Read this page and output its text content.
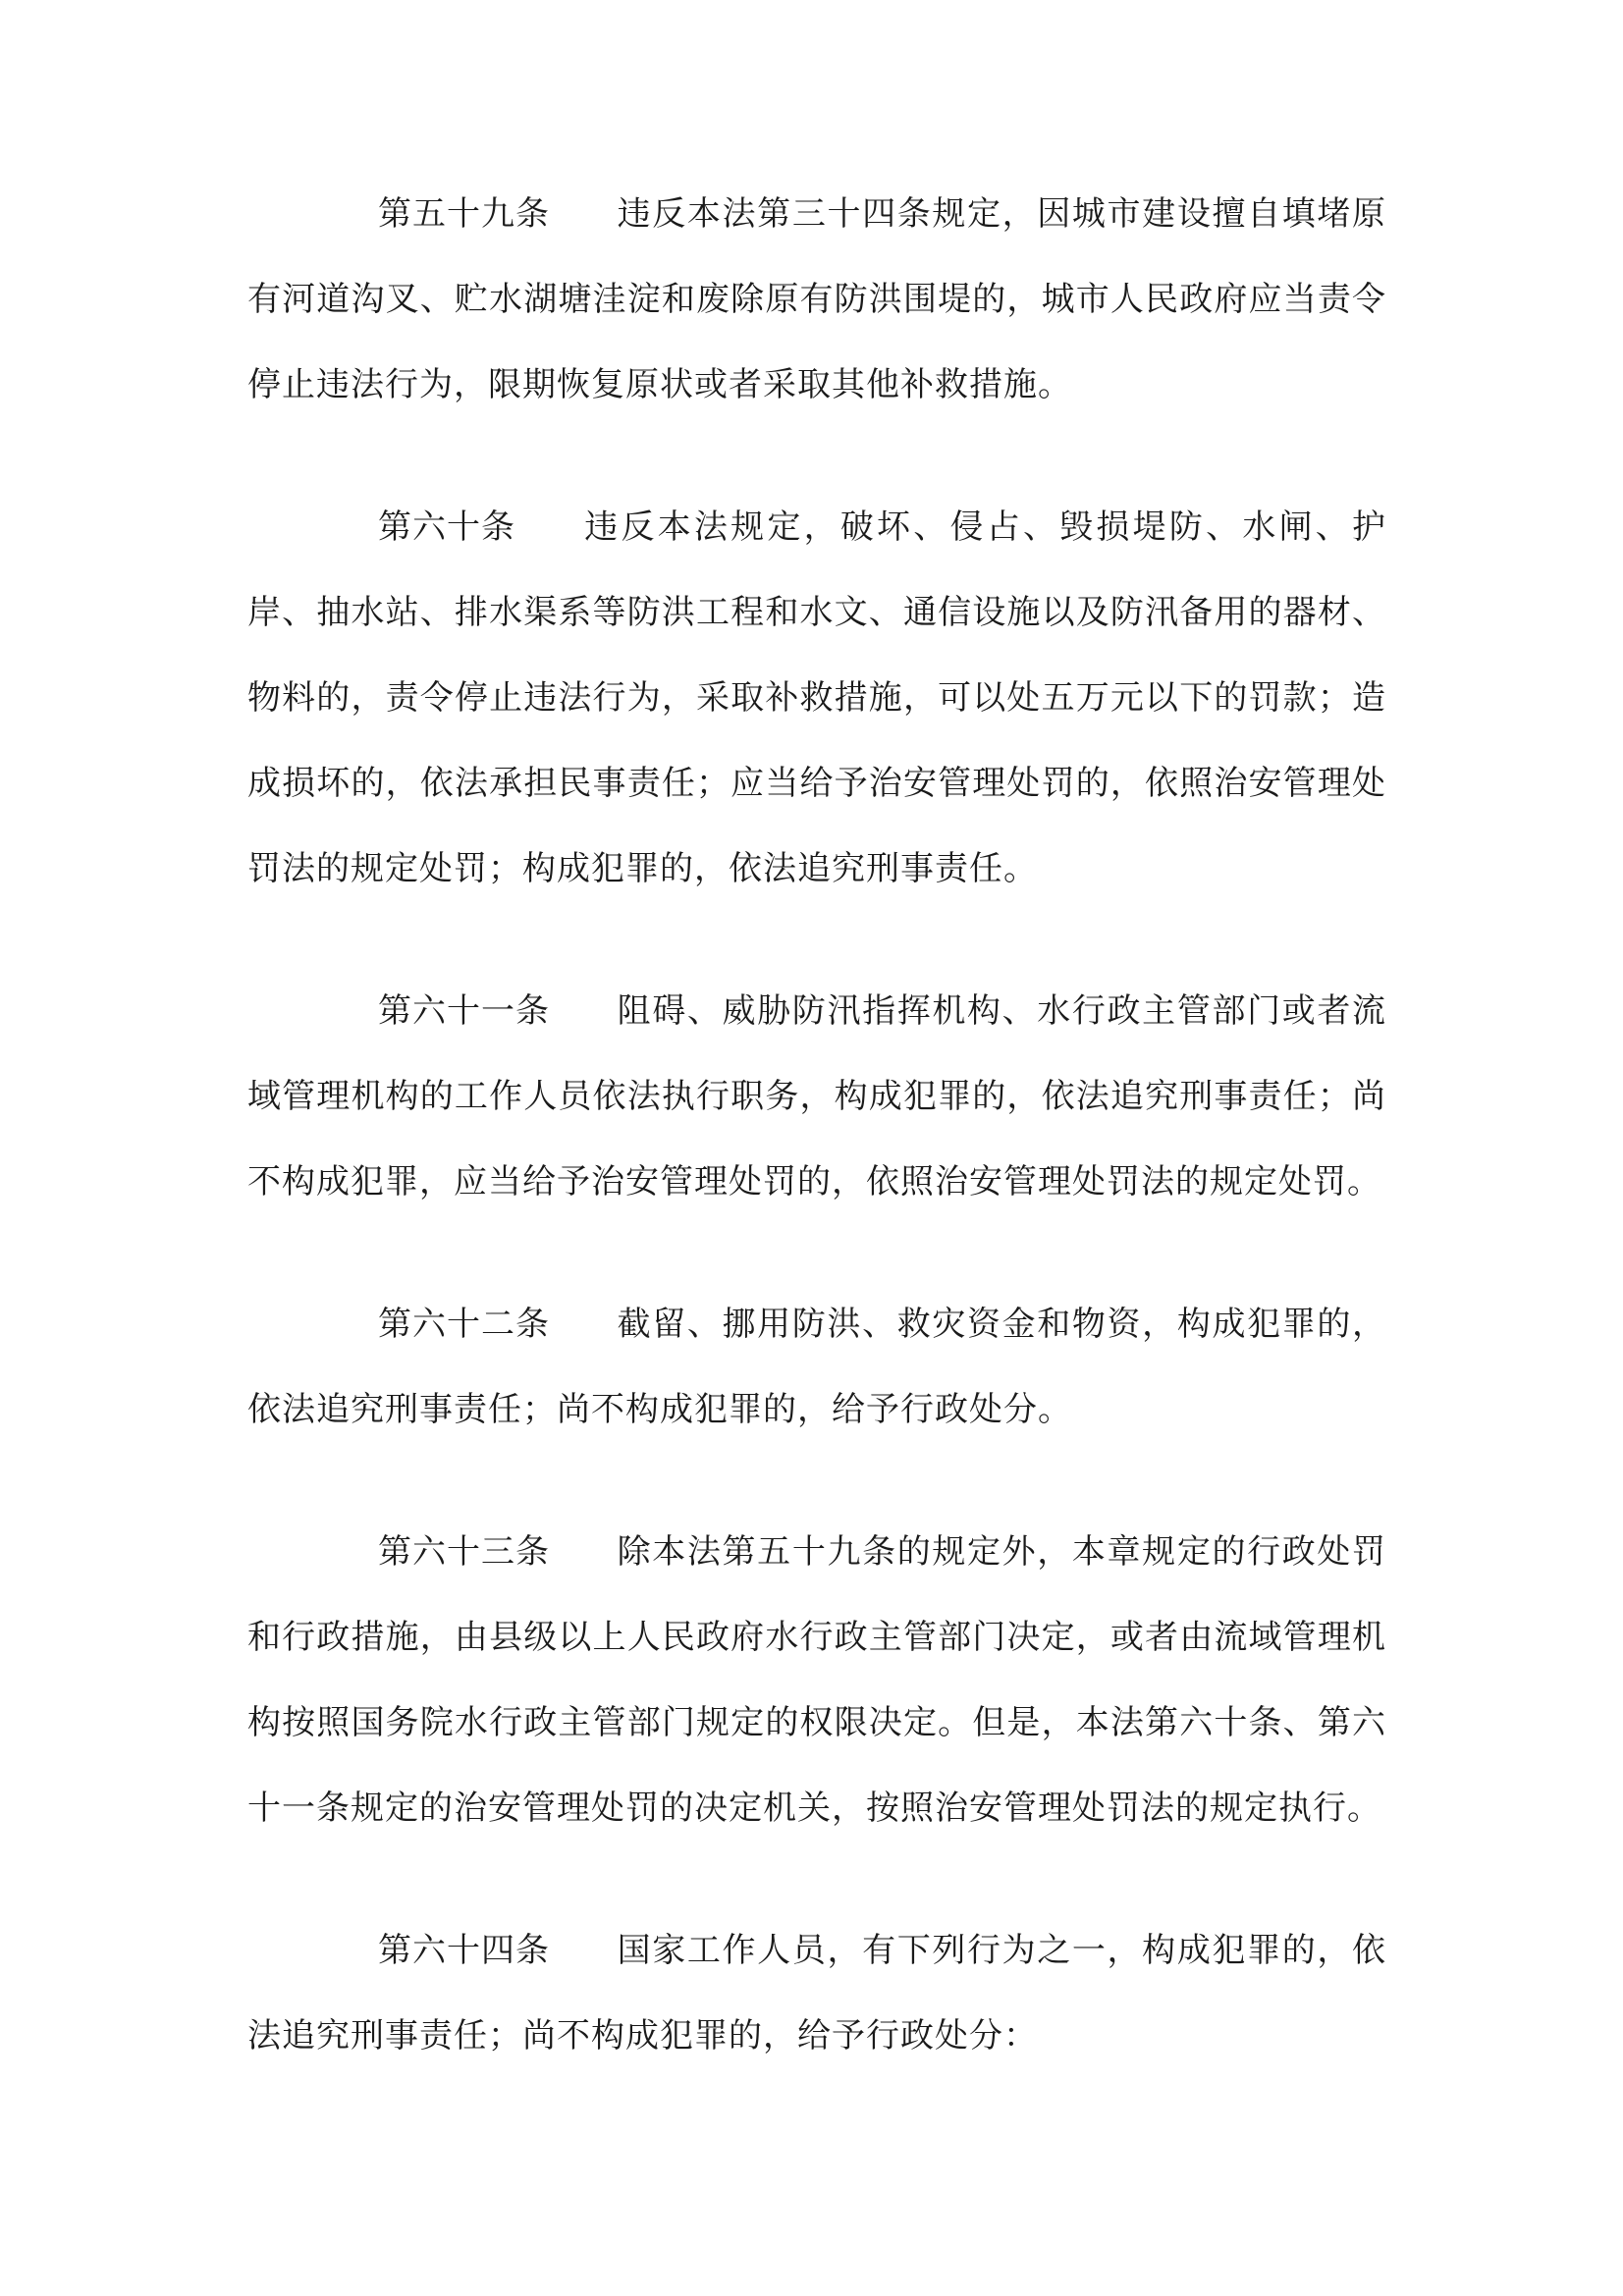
第五十九条 违反本法第三十四条规定，因城市建设擅自填堵原有河道沟叉、贮水湖塘洼淀和废除原有防洪围堤的，城市人民政府应当责令停止违法行为，限期恢复原状或者采取其他补救措施。

第六十条 违反本法规定，破坏、侵占、毁损堤防、水闸、护岸、抽水站、排水渠系等防洪工程和水文、通信设施以及防汛备用的器材、物料的，责令停止违法行为，采取补救措施，可以处五万元以下的罚款；造成损坏的，依法承担民事责任；应当给予治安管理处罚的，依照治安管理处罚法的规定处罚；构成犯罪的，依法追究刑事责任。

第六十一条 阻碍、威胁防汛指挥机构、水行政主管部门或者流域管理机构的工作人员依法执行职务，构成犯罪的，依法追究刑事责任；尚不构成犯罪，应当给予治安管理处罚的，依照治安管理处罚法的规定处罚。

第六十二条 截留、挪用防洪、救灾资金和物资，构成犯罪的，依法追究刑事责任；尚不构成犯罪的，给予行政处分。

第六十三条 除本法第五十九条的规定外，本章规定的行政处罚和行政措施，由县级以上人民政府水行政主管部门决定，或者由流域管理机构按照国务院水行政主管部门规定的权限决定。但是，本法第六十条、第六十一条规定的治安管理处罚的决定机关，按照治安管理处罚法的规定执行。

第六十四条 国家工作人员，有下列行为之一，构成犯罪的，依法追究刑事责任；尚不构成犯罪的，给予行政处分：
